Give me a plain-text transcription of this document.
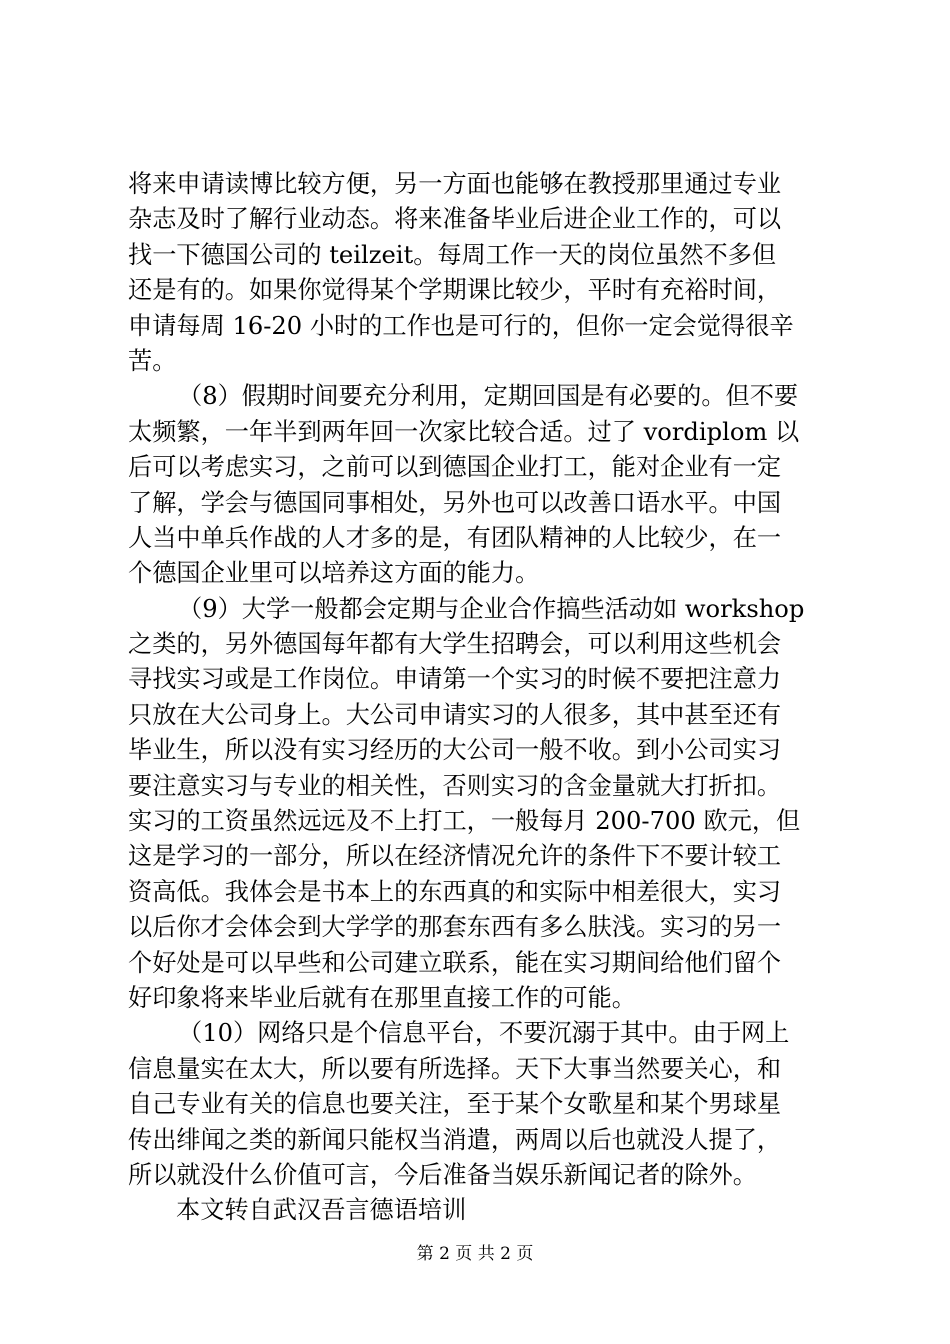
将来申请读博比较方便，另一方面也能够在教授那里通过专业
杂志及时了解行业动态。将来准备毕业后进企业工作的，可以
找一下德国公司的 teilzeit。每周工作一天的岗位虽然不多但
还是有的。如果你觉得某个学期课比较少，平时有充裕时间，
申请每周 16-20 小时的工作也是可行的，但你一定会觉得很辛
苦。
（8）假期时间要充分利用，定期回国是有必要的。但不要
太频繁，一年半到两年回一次家比较合适。过了 vordiplom 以
后可以考虑实习，之前可以到德国企业打工，能对企业有一定
了解，学会与德国同事相处，另外也可以改善口语水平。中国
人当中单兵作战的人才多的是，有团队精神的人比较少，在一
个德国企业里可以培养这方面的能力。
（9）大学一般都会定期与企业合作搞些活动如 workshop
之类的，另外德国每年都有大学生招聘会，可以利用这些机会
寻找实习或是工作岗位。申请第一个实习的时候不要把注意力
只放在大公司身上。大公司申请实习的人很多，其中甚至还有
毕业生，所以没有实习经历的大公司一般不收。到小公司实习
要注意实习与专业的相关性，否则实习的含金量就大打折扣。
实习的工资虽然远远及不上打工，一般每月 200-700 欧元，但
这是学习的一部分，所以在经济情况允许的条件下不要计较工
资高低。我体会是书本上的东西真的和实际中相差很大，实习
以后你才会体会到大学学的那套东西有多么肤浅。实习的另一
个好处是可以早些和公司建立联系，能在实习期间给他们留个
好印象将来毕业后就有在那里直接工作的可能。
（10）网络只是个信息平台，不要沉溺于其中。由于网上
信息量实在太大，所以要有所选择。天下大事当然要关心，和
自己专业有关的信息也要关注，至于某个女歌星和某个男球星
传出绯闻之类的新闻只能权当消遣，两周以后也就没人提了，
所以就没什么价值可言，今后准备当娱乐新闻记者的除外。
本文转自武汉吾言德语培训
第 2 页 共 2 页
